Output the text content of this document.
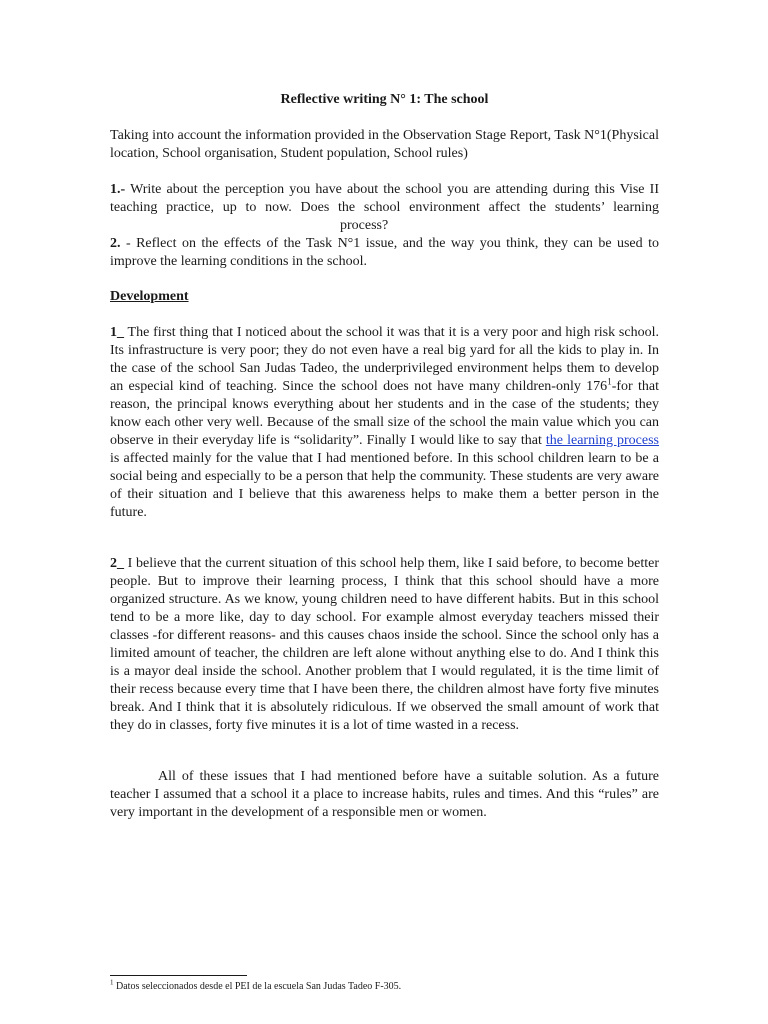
Reflective writing N° 1: The school
Taking into account the information provided in the Observation Stage Report, Task N°1(Physical location, School organisation, Student population, School rules)
1.- Write about the perception you have about the school you are attending during this Vise II teaching practice, up to now. Does the school environment affect the students’ learningprocess?
2. - Reflect on the effects of the Task N°1 issue, and the way you think, they can be used to improve the learning conditions in the school.
Development
1_ The first thing that I noticed about the school it was that it is a very poor and high risk school. Its infrastructure is very poor; they do not even have a real big yard for all the kids to play in. In the case of the school San Judas Tadeo, the underprivileged environment helps them to develop an especial kind of teaching. Since the school does not have many children-only 176$^1$-for that reason, the principal knows everything about her students and in the case of the students; they know each other very well. Because of the small size of the school the main value which you can observe in their everyday life is “solidarity”. Finally I would like to say that the learning process is affected mainly for the value that I had mentioned before. In this school children learn to be a social being and especially to be a person that help the community. These students are very aware of their situation and I believe that this awareness helps to make them a better person in the future.
2_ I believe that the current situation of this school help them, like I said before, to become better people. But to improve their learning process, I think that this school should have a more organized structure. As we know, young children need to have different habits. But in this school tend to be a more like, day to day school. For example almost everyday teachers missed their classes -for different reasons- and this causes chaos inside the school. Since the school only has a limited amount of teacher, the children are left alone without anything else to do. And I think this is a mayor deal inside the school. Another problem that I would regulated, it is the time limit of their recess because every time that I have been there, the children almost have forty five minutes break. And I think that it is absolutely ridiculous. If we observed the small amount of work that they do in classes, forty five minutes it is a lot of time wasted in a recess.
All of these issues that I had mentioned before have a suitable solution. As a future teacher I assumed that a school it a place to increase habits, rules and times. And this “rules” are very important in the development of a responsible men or women.
$^1$ Datos seleccionados desde el PEI de la escuela San Judas Tadeo F-305.
